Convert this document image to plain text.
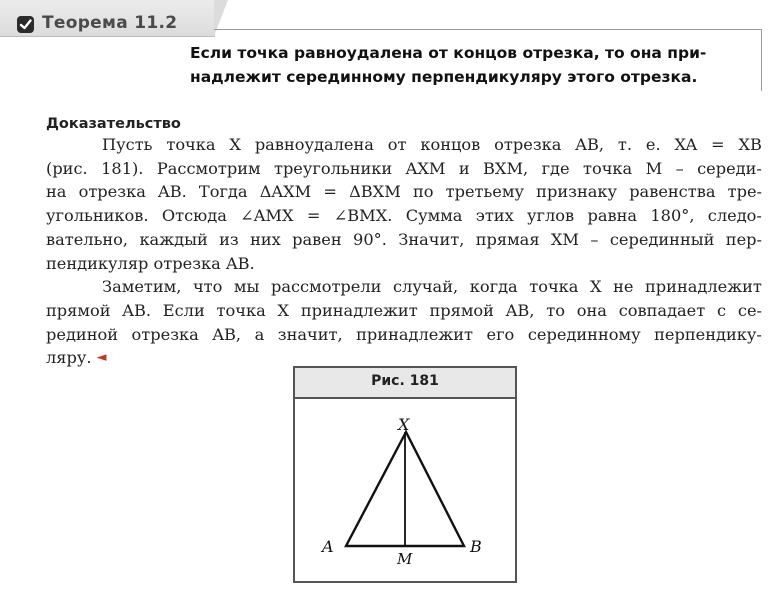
Теорема 11.2
Если точка равноудалена от концов отрезка, то она при-
надлежит серединному перпендикуляру этого отрезка.
Доказательство
Пусть точка X равноудалена от концов отрезка AB, т. е. XA = XB
(рис. 181). Рассмотрим треугольники AXM и BXM, где точка M – середи-
на отрезка AB. Тогда ΔAXM = ΔBXM по третьему признаку равенства тре-
угольников. Отсюда ∠AMX = ∠BMX. Сумма этих углов равна 180°, следо-
вательно, каждый из них равен 90°. Значит, прямая XM – серединный пер-
пендикуляр отрезка AB.
Заметим, что мы рассмотрели случай, когда точка X не принадлежит
прямой AB. Если точка X принадлежит прямой AB, то она совпадает с се-
рединой отрезка AB, а значит, принадлежит его серединному перпендику-
ляру. ◄
Рис. 181
X
A	B
M
